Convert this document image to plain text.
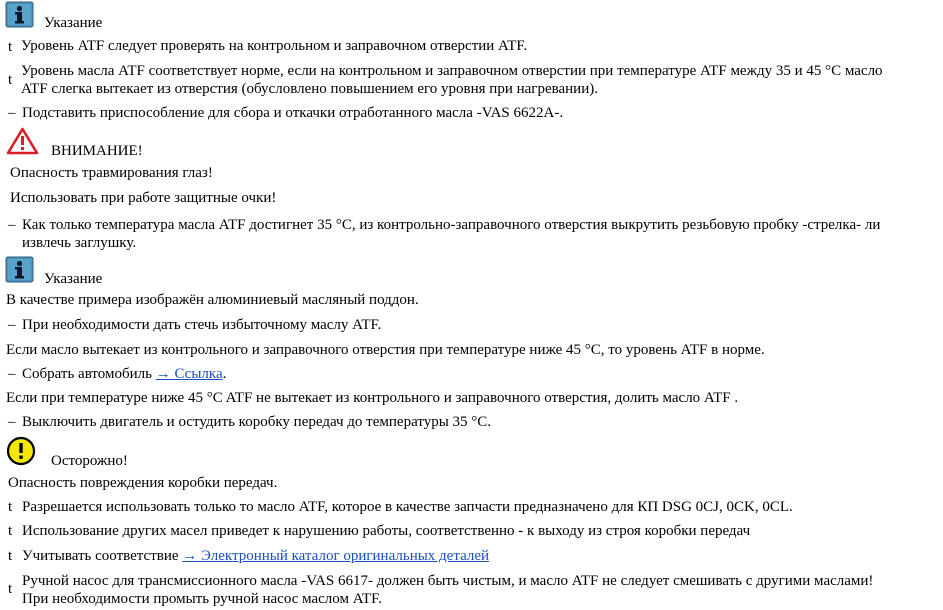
Указание
t Уровень ATF следует проверять на контрольном и заправочном отверстии ATF.
t
Уровень масла ATF соответствует норме, если на контрольном и заправочном отверстии при температуре ATF между 35 и 45 °C масло
ATF слегка вытекает из отверстия (обусловлено повышением его уровня при нагревании).
– Подставить приспособление для сбора и откачки отработанного масла -VAS 6622A-.
ВНИМАНИЕ!
Опасность травмирования глаз!
Использовать при работе защитные очки!
– Как только температура масла ATF достигнет 35 °C, из контрольно-заправочного отверстия выкрутить резьбовую пробку -стрелка- ли
извлечь заглушку.
Указание
В качестве примера изображён алюминиевый масляный поддон.
– При необходимости дать стечь избыточному маслу ATF.
Если масло вытекает из контрольного и заправочного отверстия при температуре ниже 45 °C, то уровень ATF в норме.
– Собрать автомобиль → Ссылка.
Если при температуре ниже 45 °C ATF не вытекает из контрольного и заправочного отверстия, долить масло ATF .
– Выключить двигатель и остудить коробку передач до температуры 35 °C.
Осторожно!
Опасность повреждения коробки передач.
t Разрешается использовать только то масло ATF, которое в качестве запчасти предназначено для КП DSG 0CJ, 0CK, 0CL.
t Использование других масел приведет к нарушению работы, соответственно - к выходу из строя коробки передач
t Учитывать соответствие → Электронный каталог оригинальных деталей
t Ручной насос для трансмиссионного масла -VAS 6617- должен быть чистым, и масло ATF не следует смешивать с другими маслами!
При необходимости промыть ручной насос маслом ATF.
